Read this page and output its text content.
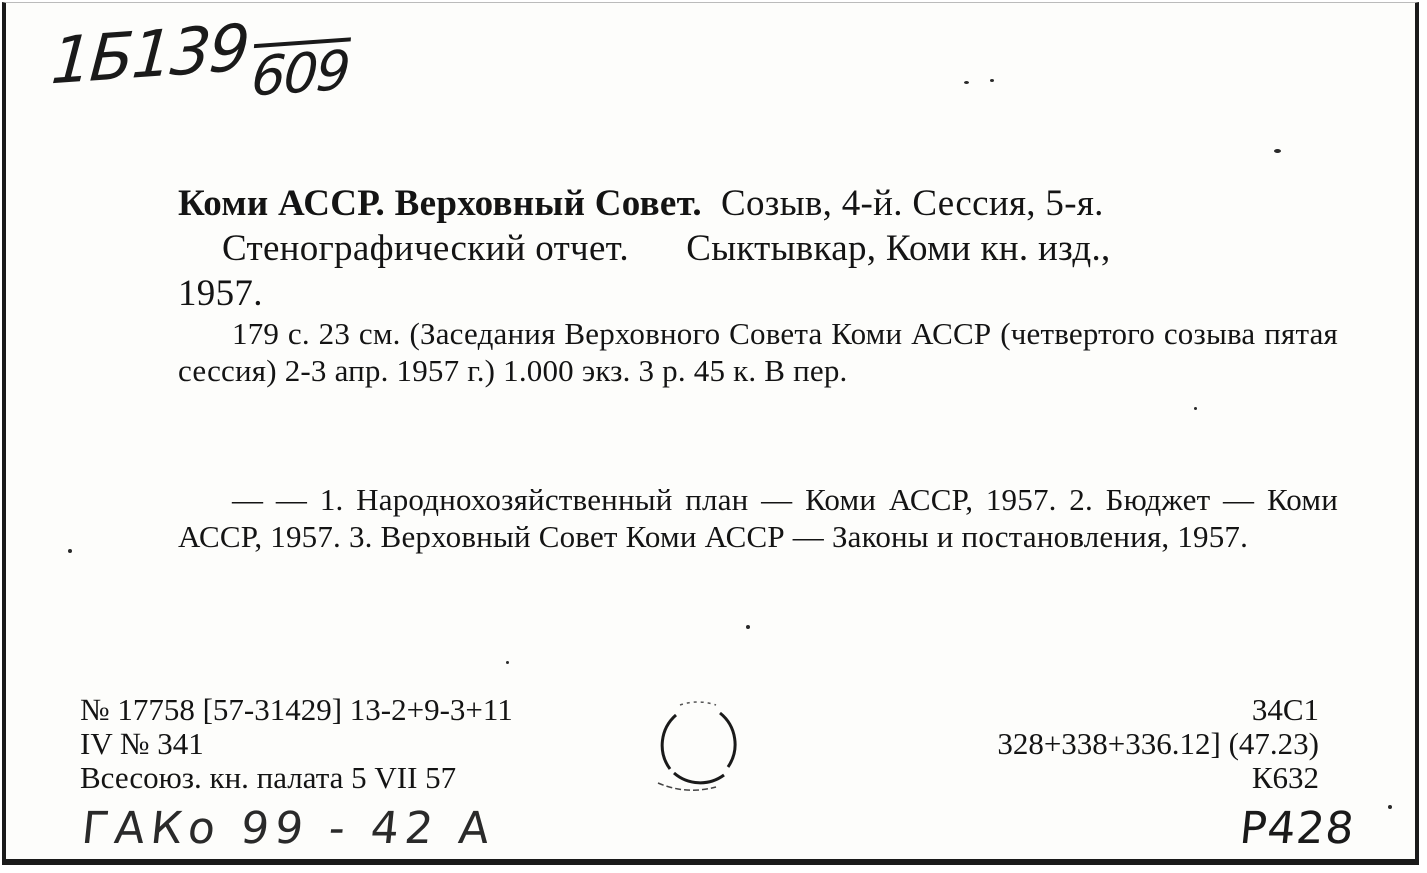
1Б139609
Коми АССР. Верховный Совет. Созыв, 4-й. Сессия, 5-я.
Стенографический отчет. Сыктывкар, Коми кн. изд.,
1957.
179 с. 23 см. (Заседания Верховного Совета Коми АССР (четвертого созыва пятая сессия) 2-3 апр. 1957 г.) 1.000 экз. 3 р. 45 к. В пер.
— — 1. Народнохозяйственный план — Коми АССР, 1957. 2. Бюджет — Коми АССР, 1957. 3. Верховный Совет Коми АССР — Законы и постановления, 1957.
№ 17758 [57-31429] 13-2+9-3+11
IV № 341
Всесоюз. кн. палата 5 VII 57
34С1
328+338+336.12] (47.23)
К632
ГАКо 99 - 42 А	Р428
